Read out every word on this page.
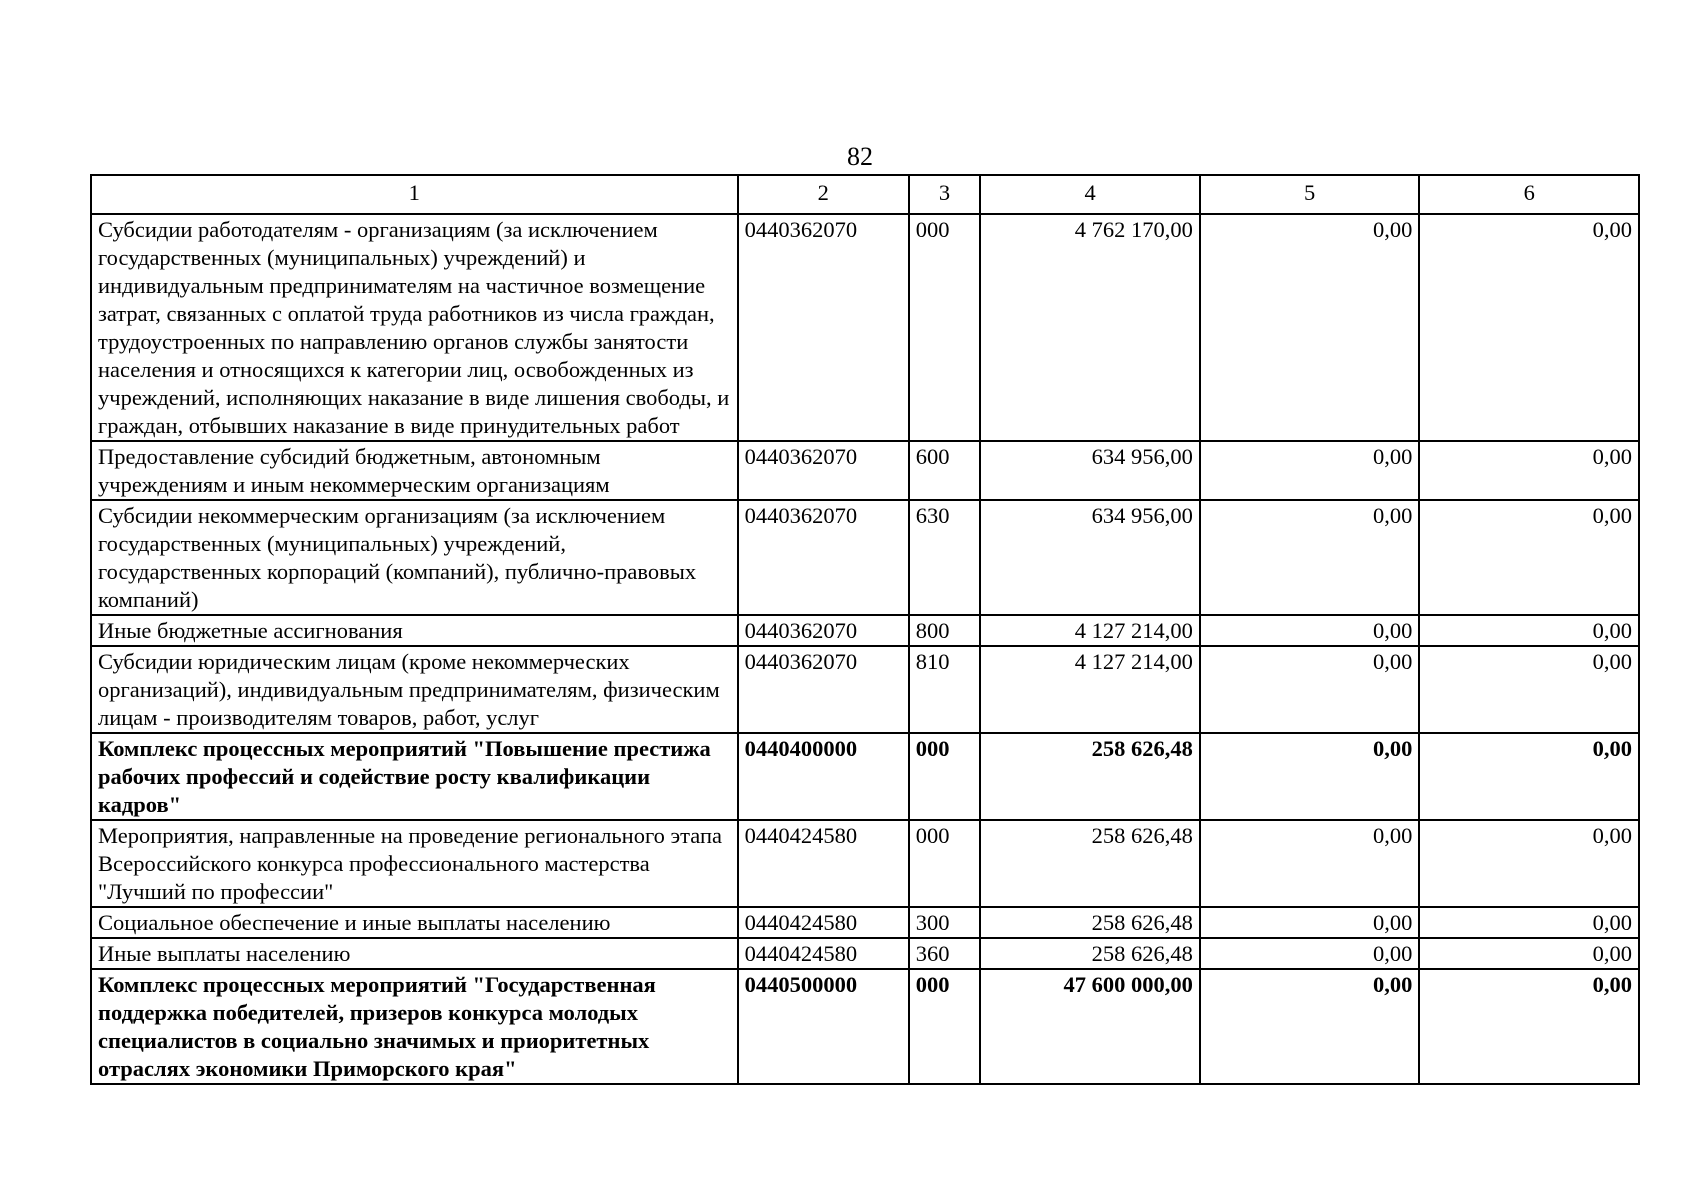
82
1	2	3	4	5	6
Субсидии работодателям - организациям (за исключением государственных (муниципальных) учреждений) и индивидуальным предпринимателям на частичное возмещение затрат, связанных с оплатой труда работников из числа граждан, трудоустроенных по направлению органов службы занятости населения и относящихся к категории лиц, освобожденных из учреждений, исполняющих наказание в виде лишения свободы, и граждан, отбывших наказание в виде принудительных работ	0440362070	000	4 762 170,00	0,00	0,00
Предоставление субсидий бюджетным, автономным учреждениям и иным некоммерческим организациям	0440362070	600	634 956,00	0,00	0,00
Субсидии некоммерческим организациям (за исключением государственных (муниципальных) учреждений, государственных корпораций (компаний), публично-правовых компаний)	0440362070	630	634 956,00	0,00	0,00
Иные бюджетные ассигнования	0440362070	800	4 127 214,00	0,00	0,00
Субсидии юридическим лицам (кроме некоммерческих организаций), индивидуальным предпринимателям, физическим лицам - производителям товаров, работ, услуг	0440362070	810	4 127 214,00	0,00	0,00
Комплекс процессных мероприятий "Повышение престижа рабочих профессий и содействие росту квалификации кадров"	0440400000	000	258 626,48	0,00	0,00
Мероприятия, направленные на проведение регионального этапа Всероссийского конкурса профессионального мастерства "Лучший по профессии"	0440424580	000	258 626,48	0,00	0,00
Социальное обеспечение и иные выплаты населению	0440424580	300	258 626,48	0,00	0,00
Иные выплаты населению	0440424580	360	258 626,48	0,00	0,00
Комплекс процессных мероприятий "Государственная поддержка победителей, призеров конкурса молодых специалистов в социально значимых и приоритетных отраслях экономики Приморского края"	0440500000	000	47 600 000,00	0,00	0,00
